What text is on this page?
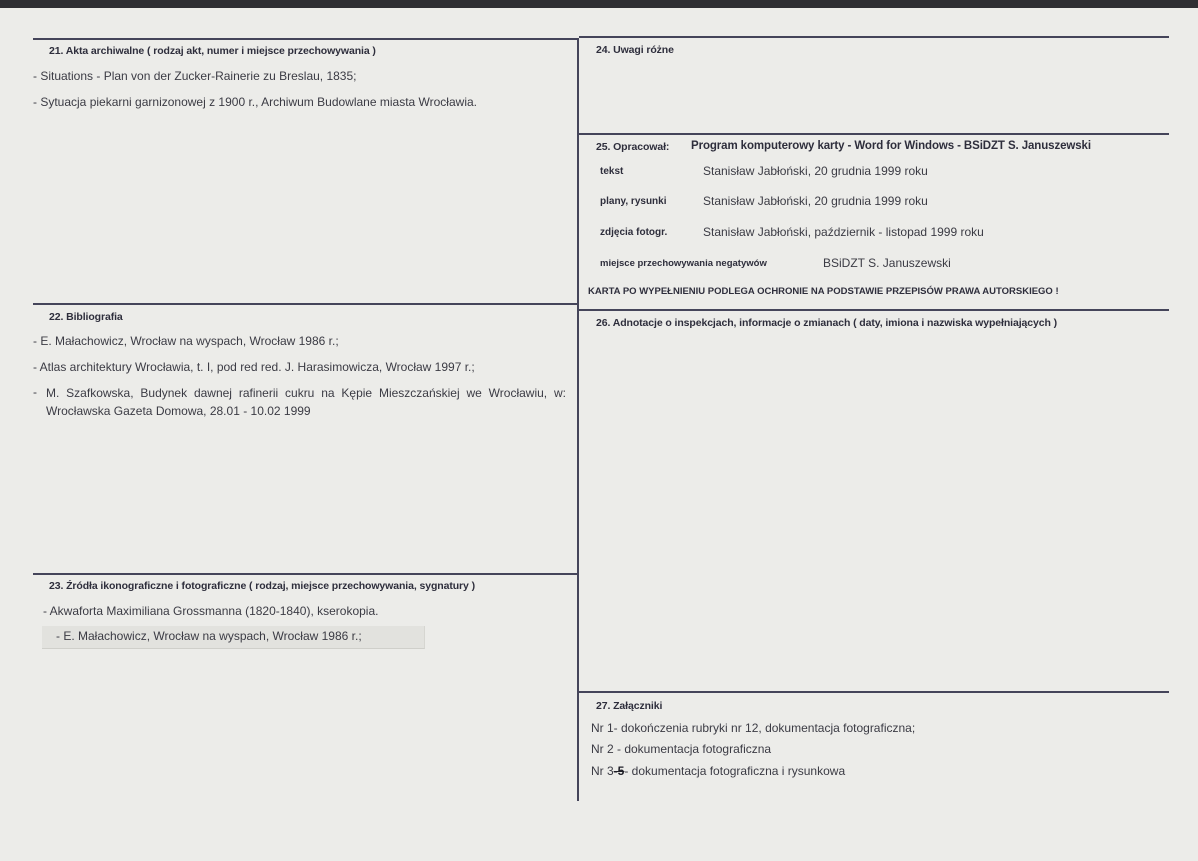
21. Akta archiwalne ( rodzaj akt, numer i miejsce przechowywania )
- Situations - Plan von der Zucker-Rainerie zu Breslau, 1835;
- Sytuacja piekarni garnizonowej z 1900 r., Archiwum Budowlane miasta Wrocławia.
22. Bibliografia
- E. Małachowicz, Wrocław na wyspach, Wrocław 1986 r.;
- Atlas architektury Wrocławia, t. I, pod red red. J. Harasimowicza, Wrocław 1997 r.;
- M. Szafkowska, Budynek dawnej rafinerii cukru na Kępie Mieszczańskiej we Wrocławiu, w: Wrocławska Gazeta Domowa, 28.01 - 10.02 1999
23. Źródła ikonograficzne i fotograficzne ( rodzaj, miejsce przechowywania, sygnatury )
- Akwaforta Maximiliana Grossmanna (1820-1840), kserokopia.
- E. Małachowicz, Wrocław na wyspach, Wrocław 1986 r.;
24. Uwagi różne
25. Opracował: Program komputerowy karty - Word for Windows - BSiDZT S. Januszewski
tekst	Stanisław Jabłoński, 20 grudnia 1999 roku
plany, rysunki	Stanisław Jabłoński, 20 grudnia 1999 roku
zdjęcia fotogr.	Stanisław Jabłoński, październik - listopad 1999 roku
miejsce przechowywania negatywów	BSiDZT S. Januszewski
KARTA PO WYPEŁNIENIU PODLEGA OCHRONIE NA PODSTAWIE PRZEPISÓW PRAWA AUTORSKIEGO !
26. Adnotacje o inspekcjach, informacje o zmianach ( daty, imiona i nazwiska wypełniających )
27. Załączniki
Nr 1- dokończenia rubryki nr 12, dokumentacja fotograficzna;
Nr 2 - dokumentacja fotograficzna
Nr 3-5- dokumentacja fotograficzna i rysunkowa
